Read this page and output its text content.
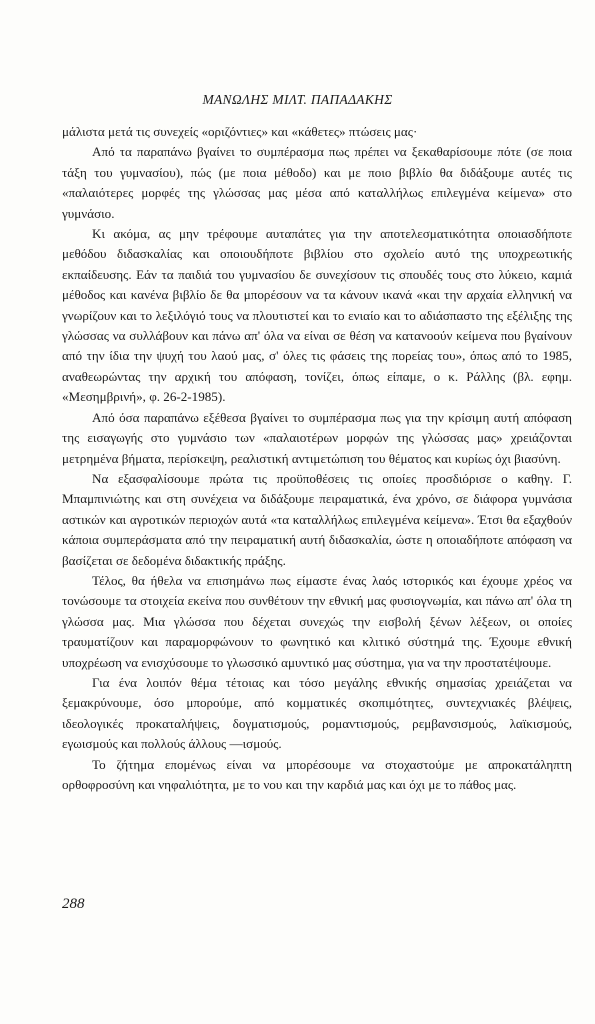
ΜΑΝΩΛΗΣ ΜΙΛΤ. ΠΑΠΑΔΑΚΗΣ

μάλιστα μετά τις συνεχείς «οριζόντιες» και «κάθετες» πτώσεις μας·

Από τα παραπάνω βγαίνει το συμπέρασμα πως πρέπει να ξεκαθαρίσουμε πότε (σε ποια τάξη του γυμνασίου), πώς (με ποια μέθοδο) και με ποιο βιβλίο θα διδάξουμε αυτές τις «παλαιότερες μορφές της γλώσσας μας μέσα από καταλλήλως επιλεγμένα κείμενα» στο γυμνάσιο.

Κι ακόμα, ας μην τρέφουμε αυταπάτες για την αποτελεσματικότητα οποιασδήποτε μεθόδου διδασκαλίας και οποιουδήποτε βιβλίου στο σχολείο αυτό της υποχρεωτικής εκπαίδευσης. Εάν τα παιδιά του γυμνασίου δε συνεχίσουν τις σπουδές τους στο λύκειο, καμιά μέθοδος και κανένα βιβλίο δε θα μπορέσουν να τα κάνουν ικανά «και την αρχαία ελληνική να γνωρίζουν και το λεξιλόγιό τους να πλουτιστεί και το ενιαίο και το αδιάσπαστο της εξέλιξης της γλώσσας να συλλάβουν και πάνω απ' όλα να είναι σε θέση να κατανοούν κείμενα που βγαίνουν από την ίδια την ψυχή του λαού μας, σ' όλες τις φάσεις της πορείας του», όπως από το 1985, αναθεωρώντας την αρχική του απόφαση, τονίζει, όπως είπαμε, ο κ. Ράλλης (βλ. εφημ. «Μεσημβρινή», φ. 26-2-1985).

Από όσα παραπάνω εξέθεσα βγαίνει το συμπέρασμα πως για την κρίσιμη αυτή απόφαση της εισαγωγής στο γυμνάσιο των «παλαιοτέρων μορφών της γλώσσας μας» χρειάζονται μετρημένα βήματα, περίσκεψη, ρεαλιστική αντιμετώπιση του θέματος και κυρίως όχι βιασύνη.

Να εξασφαλίσουμε πρώτα τις προϋποθέσεις τις οποίες προσδιόρισε ο καθηγ. Γ. Μπαμπινιώτης και στη συνέχεια να διδάξουμε πειραματικά, ένα χρόνο, σε διάφορα γυμνάσια αστικών και αγροτικών περιοχών αυτά «τα καταλλήλως επιλεγμένα κείμενα». Έτσι θα εξαχθούν κάποια συμπεράσματα από την πειραματική αυτή διδασκαλία, ώστε η οποιαδήποτε απόφαση να βασίζεται σε δεδομένα διδακτικής πράξης.

Τέλος, θα ήθελα να επισημάνω πως είμαστε ένας λαός ιστορικός και έχουμε χρέος να τονώσουμε τα στοιχεία εκείνα που συνθέτουν την εθνική μας φυσιογνωμία, και πάνω απ' όλα τη γλώσσα μας. Μια γλώσσα που δέχεται συνεχώς την εισβολή ξένων λέξεων, οι οποίες τραυματίζουν και παραμορφώνουν το φωνητικό και κλιτικό σύστημά της. Έχουμε εθνική υποχρέωση να ενισχύσουμε το γλωσσικό αμυντικό μας σύστημα, για να την προστατέψουμε.

Για ένα λοιπόν θέμα τέτοιας και τόσο μεγάλης εθνικής σημασίας χρειάζεται να ξεμακρύνουμε, όσο μπορούμε, από κομματικές σκοπιμότητες, συντεχνιακές βλέψεις, ιδεολογικές προκαταλήψεις, δογματισμούς, ρομαντισμούς, ρεμβανσισμούς, λαϊκισμούς, εγωισμούς και πολλούς άλλους —ισμούς.

Το ζήτημα επομένως είναι να μπορέσουμε να στοχαστούμε με απροκατάληπτη ορθοφροσύνη και νηφαλιότητα, με το νου και την καρδιά μας και όχι με το πάθος μας.

288
